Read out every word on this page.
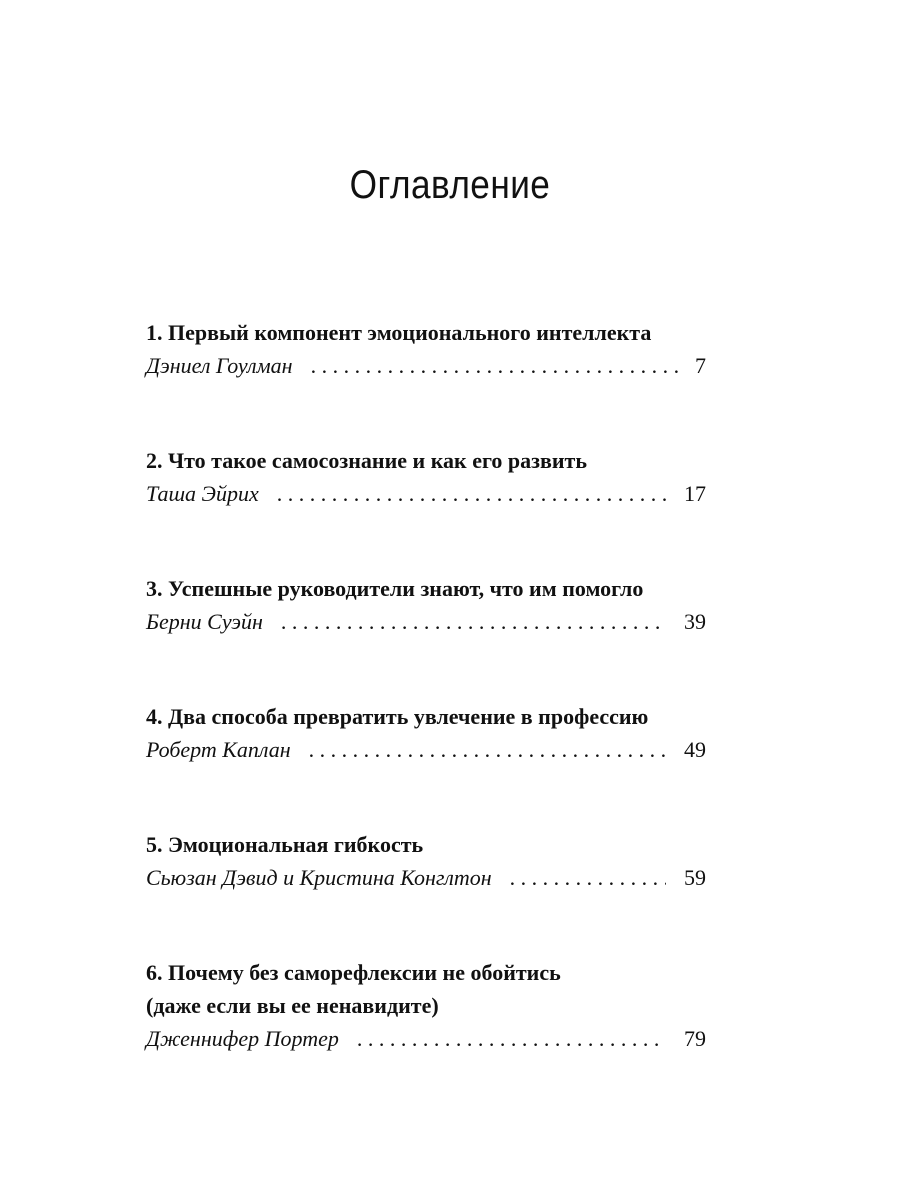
Оглавление
1. Первый компонент эмоционального интеллекта
Дэниел Гоулман . . .	7
2. Что такое самосознание и как его развить
Таша Эйрих . . .	17
3. Успешные руководители знают, что им помогло
Берни Суэйн . . .	39
4. Два способа превратить увлечение в профессию
Роберт Каплан . . .	49
5. Эмоциональная гибкость
Сьюзан Дэвид и Кристина Конглтон . . .	59
6. Почему без саморефлексии не обойтись
(даже если вы ее ненавидите)
Дженнифер Портер . . .	79
